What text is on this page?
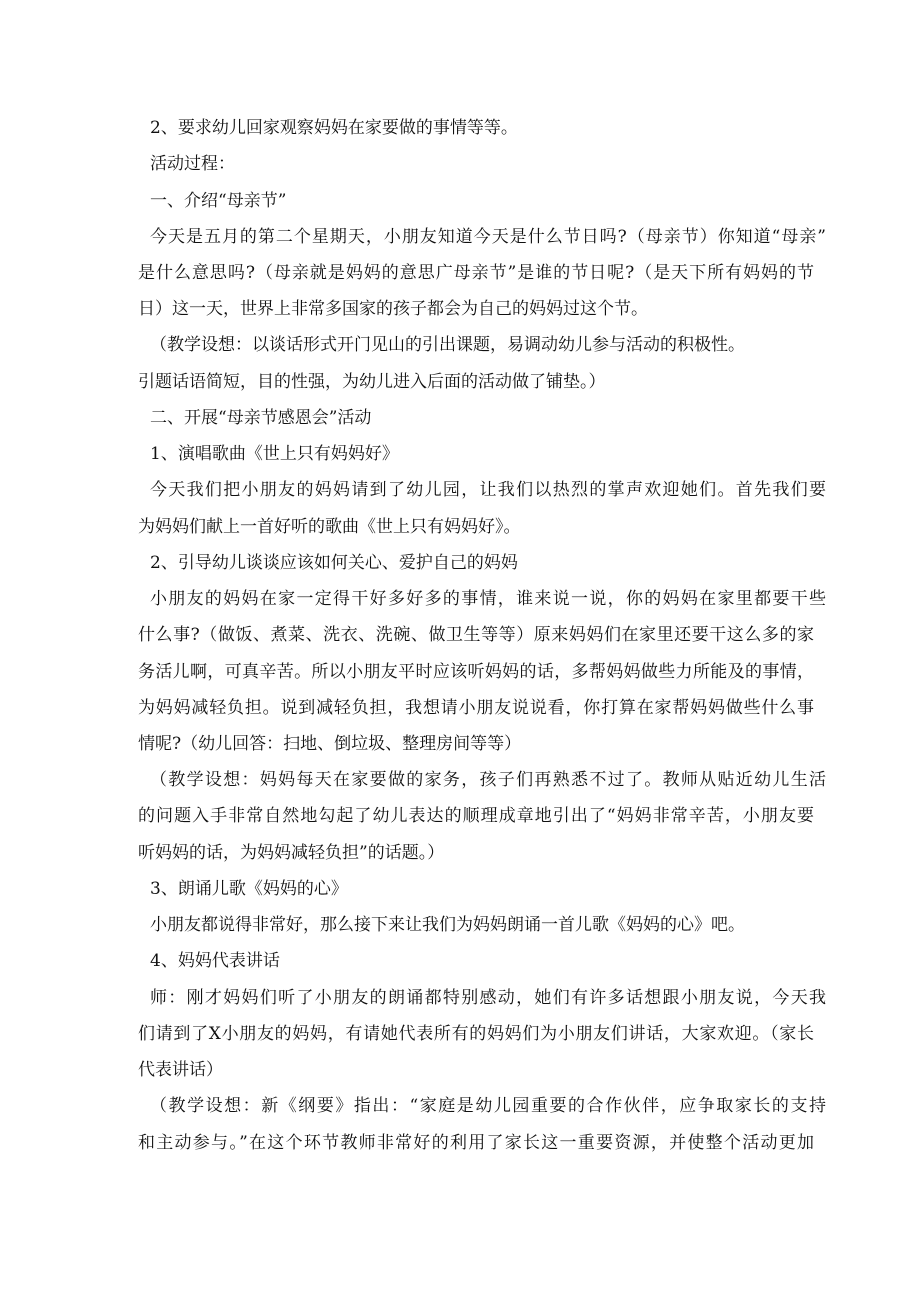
2、要求幼儿回家观察妈妈在家要做的事情等等。
活动过程：
一、介绍“母亲节”
今天是五月的第二个星期天，小朋友知道今天是什么节日吗?（母亲节）你知道“母亲”
是什么意思吗?（母亲就是妈妈的意思广母亲节”是谁的节日呢?（是天下所有妈妈的节
日）这一天，世界上非常多国家的孩子都会为自己的妈妈过这个节。
（教学设想：以谈话形式开门见山的引出课题，易调动幼儿参与活动的积极性。
引题话语简短，目的性强，为幼儿进入后面的活动做了铺垫。）
二、开展“母亲节感恩会”活动
1、演唱歌曲《世上只有妈妈好》
今天我们把小朋友的妈妈请到了幼儿园，让我们以热烈的掌声欢迎她们。首先我们要
为妈妈们献上一首好听的歌曲《世上只有妈妈好》。
2、引导幼儿谈谈应该如何关心、爱护自己的妈妈
小朋友的妈妈在家一定得干好多好多的事情，谁来说一说，你的妈妈在家里都要干些
什么事?（做饭、煮菜、洗衣、洗碗、做卫生等等）原来妈妈们在家里还要干这么多的家
务活儿啊，可真辛苦。所以小朋友平时应该听妈妈的话，多帮妈妈做些力所能及的事情，
为妈妈减轻负担。说到减轻负担，我想请小朋友说说看，你打算在家帮妈妈做些什么事
情呢?（幼儿回答：扫地、倒垃圾、整理房间等等）
（教学设想：妈妈每天在家要做的家务，孩子们再熟悉不过了。教师从贴近幼儿生活
的问题入手非常自然地勾起了幼儿表达的顺理成章地引出了“妈妈非常辛苦，小朋友要
听妈妈的话，为妈妈减轻负担”的话题。）
3、朗诵儿歌《妈妈的心》
小朋友都说得非常好，那么接下来让我们为妈妈朗诵一首儿歌《妈妈的心》吧。
4、妈妈代表讲话
师：刚才妈妈们听了小朋友的朗诵都特别感动，她们有许多话想跟小朋友说，今天我
们请到了X小朋友的妈妈，有请她代表所有的妈妈们为小朋友们讲话，大家欢迎。（家长
代表讲话）
（教学设想：新《纲要》指出：“家庭是幼儿园重要的合作伙伴，应争取家长的支持
和主动参与。”在这个环节教师非常好的利用了家长这一重要资源，并使整个活动更加
